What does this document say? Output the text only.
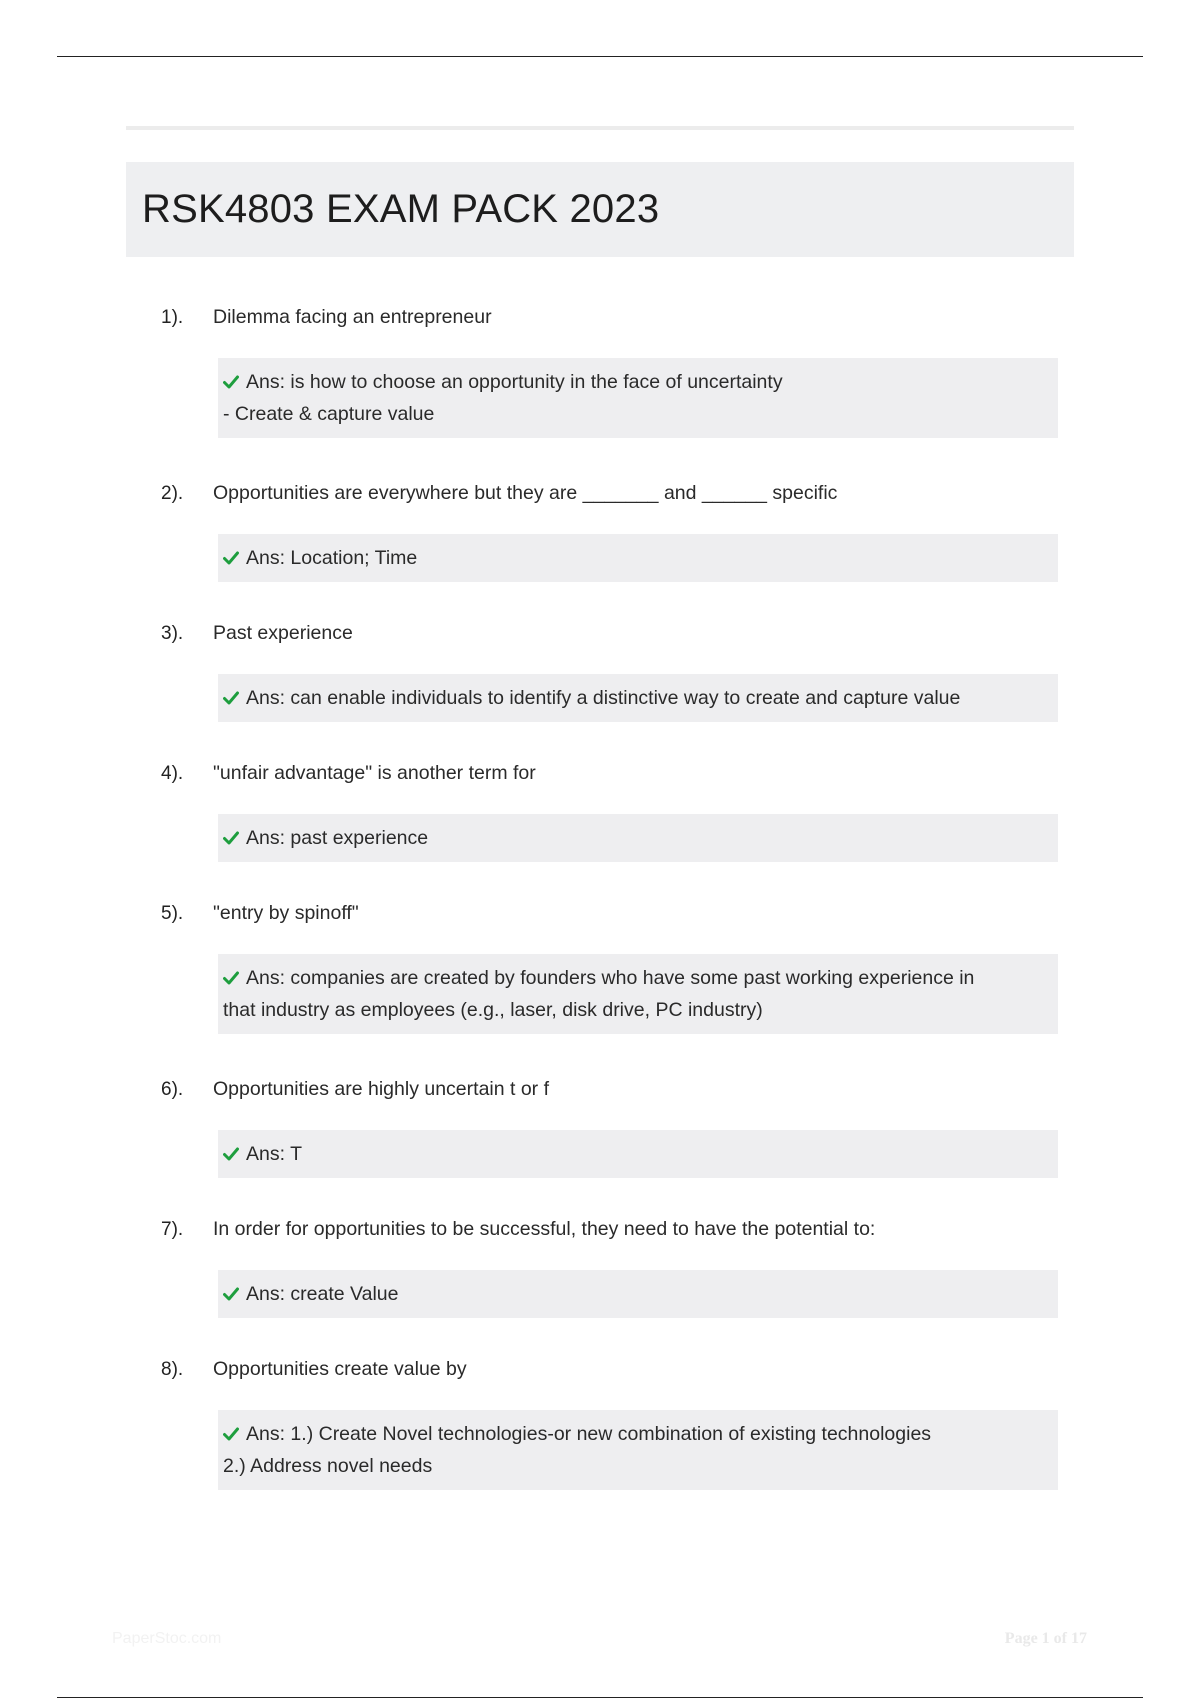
RSK4803 EXAM PACK 2023
1).	Dilemma facing an entrepreneur
Ans: is how to choose an opportunity in the face of uncertainty
- Create & capture value
2).	Opportunities are everywhere but they are _______ and ______ specific
Ans: Location; Time
3).	Past experience
Ans: can enable individuals to identify a distinctive way to create and capture value
4).	"unfair advantage" is another term for
Ans: past experience
5).	"entry by spinoff"
Ans: companies are created by founders who have some past working experience in
that industry as employees (e.g., laser, disk drive, PC industry)
6).	Opportunities are highly uncertain t or f
Ans: T
7).	In order for opportunities to be successful, they need to have the potential to:
Ans: create Value
8).	Opportunities create value by
Ans: 1.) Create Novel technologies-or new combination of existing technologies
2.) Address novel needs
PaperStoc.com	Page 1 of 17
